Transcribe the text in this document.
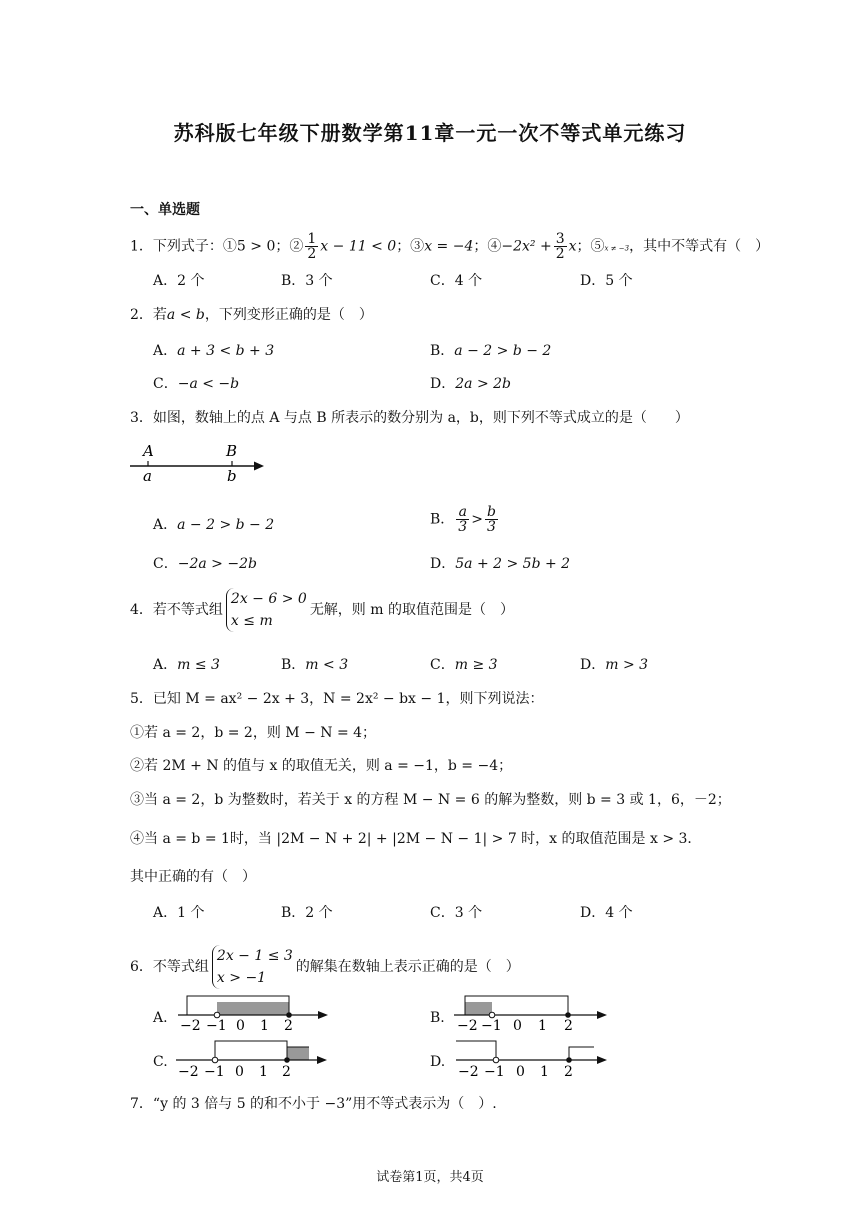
苏科版七年级下册数学第11章一元一次不等式单元练习
一、单选题
1．下列式子：①5 > 0；② $\frac{1}{2}$ x − 11 < 0；③x = −4；④−2x² + $\frac{3}{2}$ x；⑤x ≠ −3，其中不等式有（　）
A．2 个	B．3 个	C．4 个	D．5 个
2．若a < b，下列变形正确的是（　）
A．a + 3 < b + 3	B．a − 2 > b − 2
C．−a < −b	D．2a > 2b
3．如图，数轴上的点 A 与点 B 所表示的数分别为 a，b，则下列不等式成立的是（　　）
A
a
B
b
A．a − 2 > b − 2	B． $\frac{a}{3} > \frac{b}{3}$
C．−2a > −2b	D．5a + 2 > 5b + 2
4．若不等式组
2x − 6 > 0
x ≤ m
无解，则 m 的取值范围是（　）
A．m ≤ 3	B．m < 3	C．m ≥ 3	D．m > 3
5．已知 M = ax² − 2x + 3，N = 2x² − bx − 1，则下列说法：
①若 a = 2，b = 2，则 M − N = 4；
②若 2M + N 的值与 x 的取值无关，则 a = −1，b = −4；
③当 a = 2，b 为整数时，若关于 x 的方程 M − N = 6 的解为整数，则 b = 3 或 1，6，－2；
④当 a = b = 1时，当 |2M − N + 2| + |2M − N − 1| > 7 时，x 的取值范围是 x > 3．
其中正确的有（　）
A．1 个	B．2 个	C．3 个	D．4 个
6．不等式组
2x − 1 ≤ 3
x > −1
的解集在数轴上表示正确的是（　）
A. −2 −1 0 1 2	B. −2 −1 0 1 2
C.
−2 −1 0 1 2
D.
−2 −1 0 1 2
7．“y 的 3 倍与 5 的和不小于 −3”用不等式表示为（　）.
试卷第1页，共4页
